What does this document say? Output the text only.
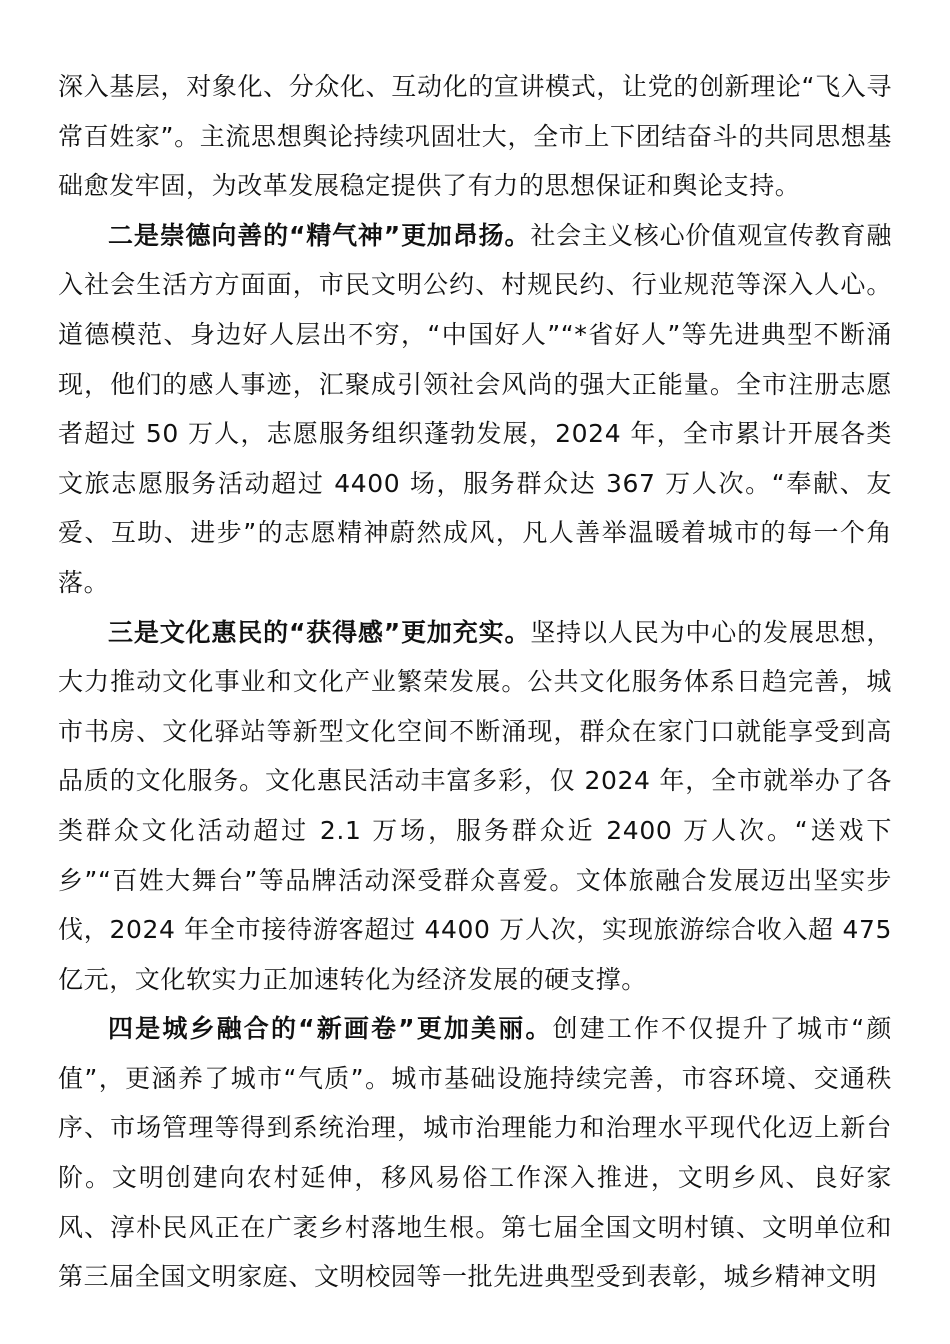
深入基层，对象化、分众化、互动化的宣讲模式，让党的创新理论“飞入寻常百姓家”。主流思想舆论持续巩固壮大，全市上下团结奋斗的共同思想基础愈发牢固，为改革发展稳定提供了有力的思想保证和舆论支持。

二是崇德向善的“精气神”更加昂扬。社会主义核心价值观宣传教育融入社会生活方方面面，市民文明公约、村规民约、行业规范等深入人心。道德模范、身边好人层出不穷，“中国好人”“*省好人”等先进典型不断涌现，他们的感人事迹，汇聚成引领社会风尚的强大正能量。全市注册志愿者超过 50 万人，志愿服务组织蓬勃发展，2024 年，全市累计开展各类文旅志愿服务活动超过 4400 场，服务群众达 367 万人次。“奉献、友爱、互助、进步”的志愿精神蔚然成风，凡人善举温暖着城市的每一个角落。

三是文化惠民的“获得感”更加充实。坚持以人民为中心的发展思想，大力推动文化事业和文化产业繁荣发展。公共文化服务体系日趋完善，城市书房、文化驿站等新型文化空间不断涌现，群众在家门口就能享受到高品质的文化服务。文化惠民活动丰富多彩，仅 2024 年，全市就举办了各类群众文化活动超过 2.1 万场，服务群众近 2400 万人次。“送戏下乡”“百姓大舞台”等品牌活动深受群众喜爱。文体旅融合发展迈出坚实步伐，2024 年全市接待游客超过 4400 万人次，实现旅游综合收入超 475 亿元，文化软实力正加速转化为经济发展的硬支撑。

四是城乡融合的“新画卷”更加美丽。创建工作不仅提升了城市“颜值”，更涵养了城市“气质”。城市基础设施持续完善，市容环境、交通秩序、市场管理等得到系统治理，城市治理能力和治理水平现代化迈上新台阶。文明创建向农村延伸，移风易俗工作深入推进，文明乡风、良好家风、淳朴民风正在广袤乡村落地生根。第七届全国文明村镇、文明单位和第三届全国文明家庭、文明校园等一批先进典型受到表彰，城乡精神文明
